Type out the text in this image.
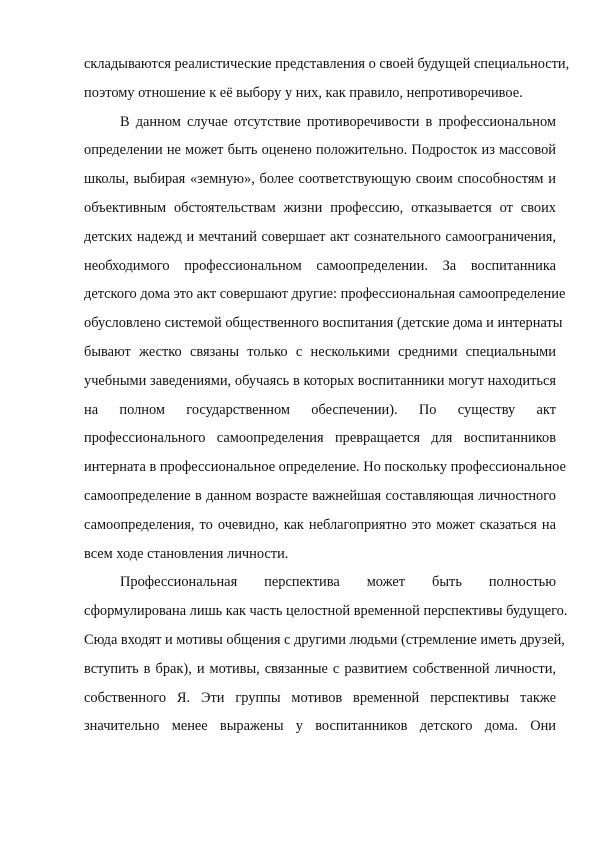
складываются реалистические представления о своей будущей специальности,
поэтому отношение к её выбору у них, как правило, непротиворечивое.
В данном случае отсутствие противоречивости в профессиональном
определении не может быть оценено положительно. Подросток из массовой
школы, выбирая «земную», более соответствующую своим способностям и
объективным обстоятельствам жизни профессию, отказывается от своих
детских надежд и мечтаний совершает акт сознательного самоограничения,
необходимого профессиональном самоопределении. За воспитанника
детского дома это акт совершают другие: профессиональная самоопределение
обусловлено системой общественного воспитания (детские дома и интернаты
бывают жестко связаны только с несколькими средними специальными
учебными заведениями, обучаясь в которых воспитанники могут находиться
на полном государственном обеспечении). По существу акт
профессионального самоопределения превращается для воспитанников
интерната в профессиональное определение. Но поскольку профессиональное
самоопределение в данном возрасте важнейшая составляющая личностного
самоопределения, то очевидно, как неблагоприятно это может сказаться на
всем ходе становления личности.
Профессиональная перспектива может быть полностью
сформулирована лишь как часть целостной временной перспективы будущего.
Сюда входят и мотивы общения с другими людьми (стремление иметь друзей,
вступить в брак), и мотивы, связанные с развитием собственной личности,
собственного Я. Эти группы мотивов временной перспективы также
значительно менее выражены у воспитанников детского дома. Они
